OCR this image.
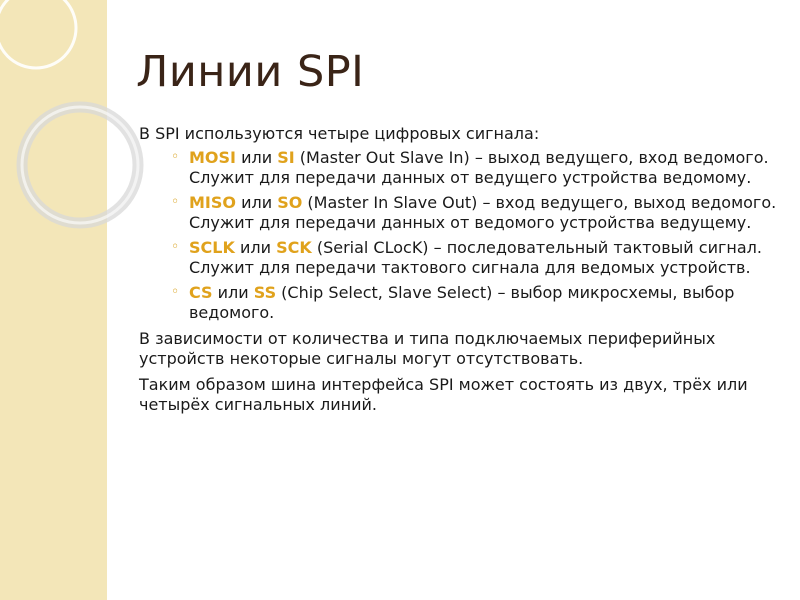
Линии SPI

В SPI используются четыре цифровых сигнала:

◦ MOSI или SI (Master Out Slave In) – выход ведущего, вход ведомого. Служит для передачи данных от ведущего устройства ведомому.
◦ MISO или SO (Master In Slave Out) – вход ведущего, выход ведомого. Служит для передачи данных от ведомого устройства ведущему.
◦ SCLK или SCK (Serial CLocK) – последовательный тактовый сигнал. Служит для передачи тактового сигнала для ведомых устройств.
◦ CS или SS (Chip Select, Slave Select) – выбор микросхемы, выбор ведомого.

В зависимости от количества и типа подключаемых периферийных устройств некоторые сигналы могут отсутствовать.

Таким образом шина интерфейса SPI может состоять из двух, трёх или четырёх сигнальных линий.
